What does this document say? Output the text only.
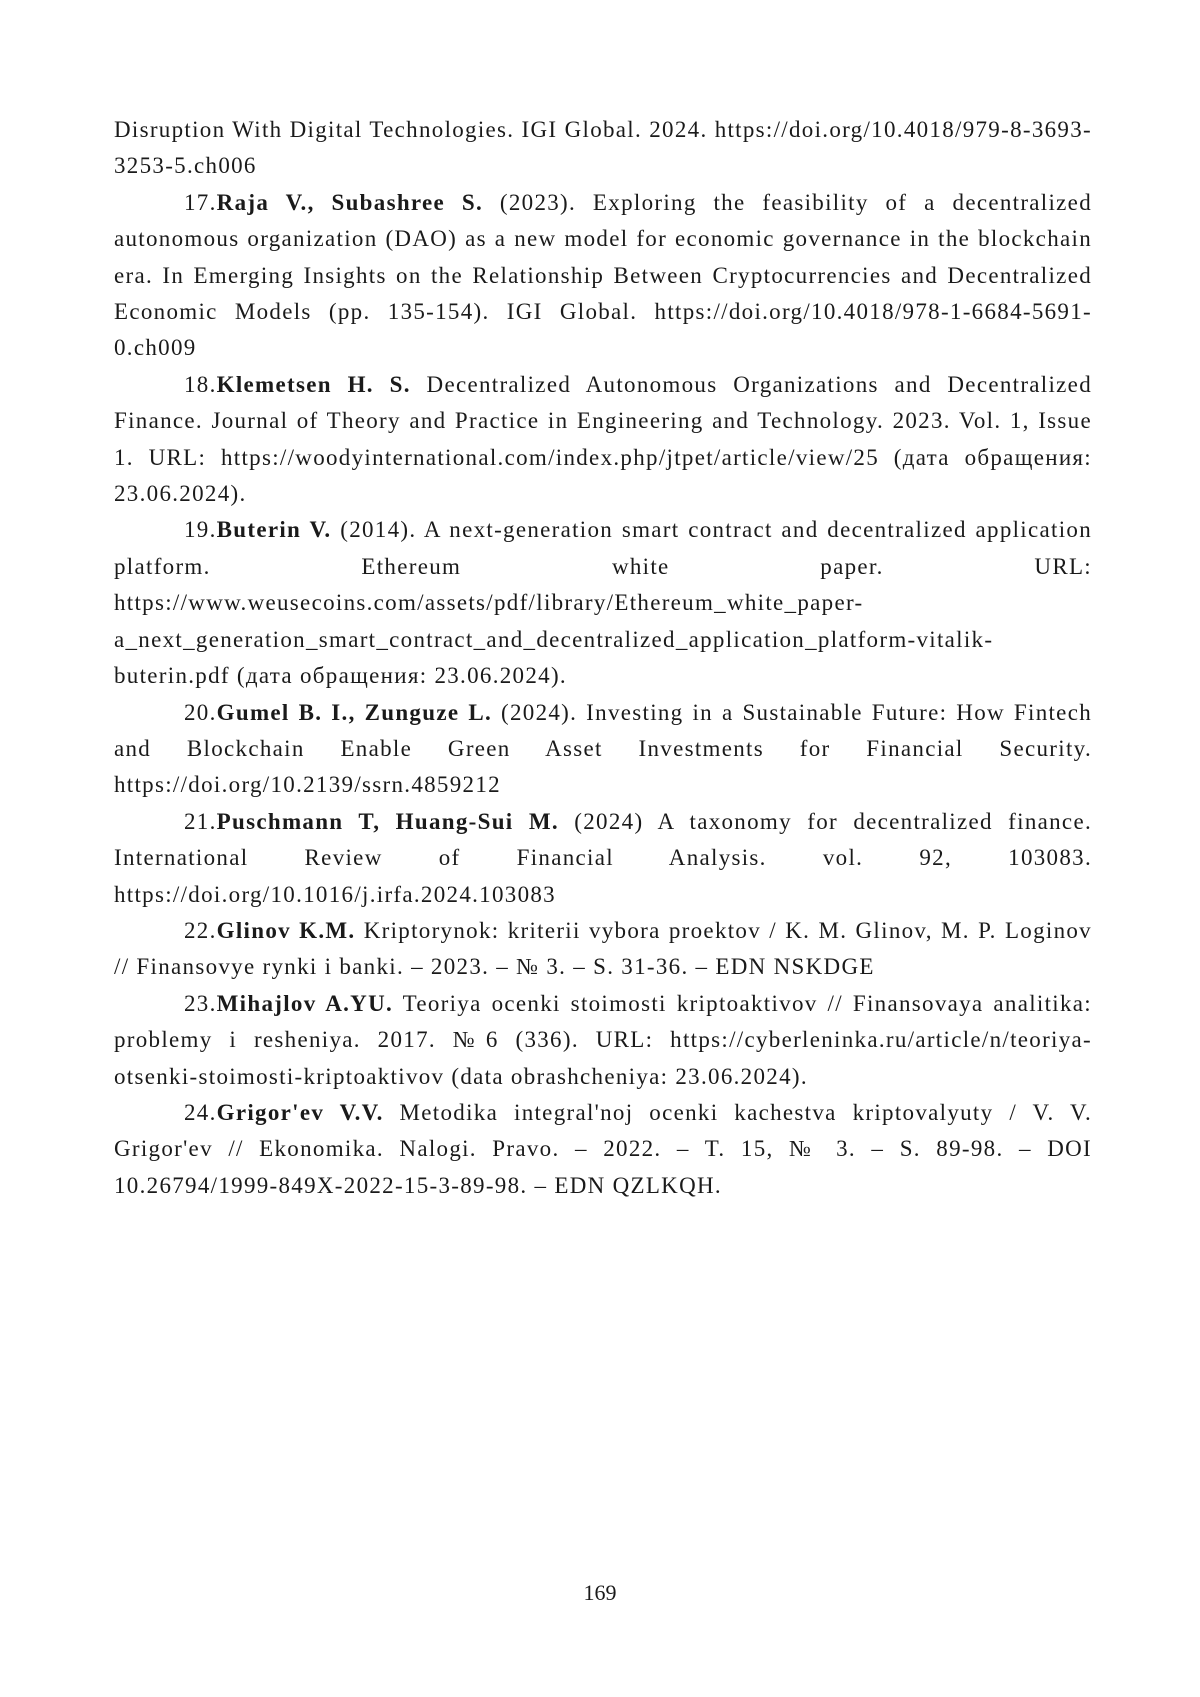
Disruption With Digital Technologies. IGI Global. 2024. https://doi.org/10.4018/979-8-3693-3253-5.ch006

17.Raja V., Subashree S. (2023). Exploring the feasibility of a decentralized autonomous organization (DAO) as a new model for economic governance in the blockchain era. In Emerging Insights on the Relationship Between Cryptocurrencies and Decentralized Economic Models (pp. 135-154). IGI Global. https://doi.org/10.4018/978-1-6684-5691-0.ch009

18.Klemetsen H. S. Decentralized Autonomous Organizations and Decentralized Finance. Journal of Theory and Practice in Engineering and Technology. 2023. Vol. 1, Issue 1. URL: https://woodyinternational.com/index.php/jtpet/article/view/25 (дата обращения: 23.06.2024).

19.Buterin V. (2014). A next-generation smart contract and decentralized application platform. Ethereum white paper. URL: https://www.weusecoins.com/assets/pdf/library/Ethereum_white_paper-a_next_generation_smart_contract_and_decentralized_application_platform-vitalik-buterin.pdf (дата обращения: 23.06.2024).

20.Gumel B. I., Zunguze L. (2024). Investing in a Sustainable Future: How Fintech and Blockchain Enable Green Asset Investments for Financial Security. https://doi.org/10.2139/ssrn.4859212

21.Puschmann T, Huang-Sui M. (2024) A taxonomy for decentralized finance. International Review of Financial Analysis. vol. 92, 103083. https://doi.org/10.1016/j.irfa.2024.103083

22.Glinov K.M. Kriptorynok: kriterii vybora proektov / K. M. Glinov, M. P. Loginov // Finansovye rynki i banki. – 2023. – № 3. – S. 31-36. – EDN NSKDGE

23.Mihajlov A.YU. Teoriya ocenki stoimosti kriptoaktivov // Finansovaya analitika: problemy i resheniya. 2017. №6 (336). URL: https://cyberleninka.ru/article/n/teoriya-otsenki-stoimosti-kriptoaktivov (data obrashcheniya: 23.06.2024).

24.Grigor'ev V.V. Metodika integral'noj ocenki kachestva kriptovalyuty / V. V. Grigor'ev // Ekonomika. Nalogi. Pravo. – 2022. – T. 15, № 3. – S. 89-98. – DOI 10.26794/1999-849X-2022-15-3-89-98. – EDN QZLKQH.

169
